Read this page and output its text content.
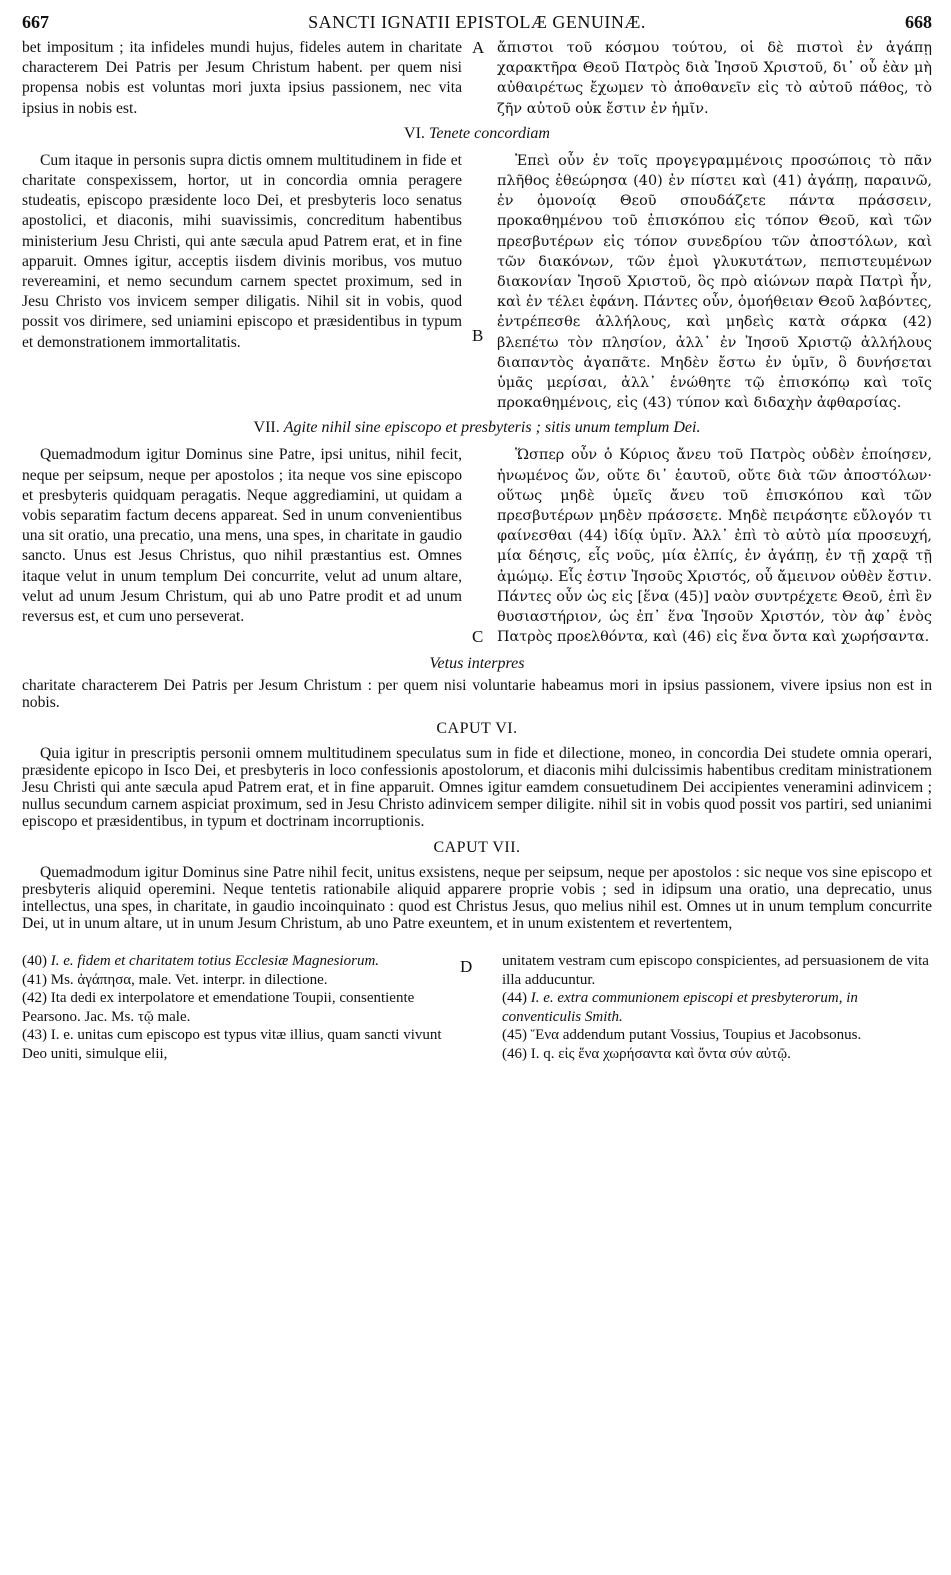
667	SANCTI IGNATII EPISTOLÆ GENUINÆ.	668

bet impositum ; ita infideles mundi hujus, fideles autem in charitate characterem Dei Patris per Jesum Christum habent. per quem nisi propensa nobis est voluntas mori juxta ipsius passionem, nec vita ipsius in nobis est.

A ἄπιστοι τοῦ κόσμου τούτου, οἱ δὲ πιστοὶ ἐν ἀγάπῃ χαρακτῆρα Θεοῦ Πατρὸς διὰ Ἰησοῦ Χριστοῦ, δι᾽ οὗ ἐὰν μὴ αὐθαιρέτως ἔχωμεν τὸ ἀποθανεῖν εἰς τὸ αὐτοῦ πάθος, τὸ ζῆν αὐτοῦ οὐκ ἔστιν ἐν ἡμῖν.

VI. Tenete concordiam

Cum itaque in personis supra dictis omnem multitudinem in fide et charitate conspexissem, hortor, ut in concordia omnia peragere studeatis, episcopo præsidente loco Dei, et presbyteris loco senatus apostolici, et diaconis, mihi suavissimis, concreditum habentibus ministerium Jesu Christi, qui ante sæcula apud Patrem erat, et in fine apparuit. Omnes igitur, acceptis iisdem divinis moribus, vos mutuo revereamini, et nemo secundum carnem spectet proximum, sed in Jesu Christo vos invicem semper diligatis. Nihil sit in vobis, quod possit vos dirimere, sed uniamini episcopo et præsidentibus in typum et demonstrationem immortalitatis.	B

Ἐπεὶ οὖν ἐν τοῖς προγεγραμμένοις προσώποις τὸ πᾶν πλῆθος ἐθεώρησα (40) ἐν πίστει καὶ (41) ἀγάπῃ, παραινῶ, ἐν ὁμονοίᾳ Θεοῦ σπουδάζετε πάντα πράσσειν, προκαθημένου τοῦ ἐπισκόπου εἰς τόπον Θεοῦ, καὶ τῶν πρεσβυτέρων εἰς τόπον συνεδρίου τῶν ἀποστόλων, καὶ τῶν διακόνων, τῶν ἐμοὶ γλυκυτάτων, πεπιστευμένων διακονίαν Ἰησοῦ Χριστοῦ, ὃς πρὸ αἰώνων παρὰ Πατρὶ ἦν, καὶ ἐν τέλει ἐφάνη. Πάντες οὖν, ὁμοήθειαν Θεοῦ λαβόντες, ἐντρέπεσθε ἀλλήλους, καὶ μηδεὶς κατὰ σάρκα (42) βλεπέτω τὸν πλησίον, ἀλλ᾽ ἐν Ἰησοῦ Χριστῷ ἀλλήλους διαπαντὸς ἀγαπᾶτε. Μηδὲν ἔστω ἐν ὑμῖν, ὃ δυνήσεται ὑμᾶς μερίσαι, ἀλλ᾽ ἑνώθητε τῷ ἐπισκόπῳ καὶ τοῖς προκαθημένοις, εἰς (43) τύπον καὶ διδαχὴν ἀφθαρσίας.

VII. Agite nihil sine episcopo et presbyteris ; sitis unum templum Dei.

Quemadmodum igitur Dominus sine Patre, ipsi unitus, nihil fecit, neque per seipsum, neque per apostolos ; ita neque vos sine episcopo et presbyteris quidquam peragatis. Neque aggrediamini, ut quidam a vobis separatim factum decens appareat. Sed in unum convenientibus una sit oratio, una precatio, una mens, una spes, in charitate in gaudio sancto. Unus est Jesus Christus, quo nihil præstantius est. Omnes itaque velut in unum templum Dei concurrite, velut ad unum altare, velut ad unum Jesum Christum, qui ab uno Patre prodit et ad unum reversus est, et cum uno perseverat.

C

Ὥσπερ οὖν ὁ Κύριος ἄνευ τοῦ Πατρὸς οὐδὲν ἐποίησεν, ἡνωμένος ὤν, οὔτε δι᾽ ἑαυτοῦ, οὔτε διὰ τῶν ἀποστόλων· οὕτως μηδὲ ὑμεῖς ἄνευ τοῦ ἐπισκόπου καὶ τῶν πρεσβυτέρων μηδὲν πράσσετε. Μηδὲ πειράσητε εὔλογόν τι φαίνεσθαι (44) ἰδίᾳ ὑμῖν. Ἀλλ᾽ ἐπὶ τὸ αὐτὸ μία προσευχή, μία δέησις, εἷς νοῦς, μία ἐλπίς, ἐν ἀγάπῃ, ἐν τῇ χαρᾷ τῇ ἀμώμῳ. Εἷς ἐστιν Ἰησοῦς Χριστός, οὗ ἄμεινον οὐθὲν ἔστιν. Πάντες οὖν ὡς εἰς [ἕνα (45)] ναὸν συντρέχετε Θεοῦ, ἐπὶ ἓν θυσιαστήριον, ὡς ἐπ᾽ ἕνα Ἰησοῦν Χριστόν, τὸν ἀφ᾽ ἑνὸς Πατρὸς προελθόντα, καὶ (46) εἰς ἕνα ὄντα καὶ χωρήσαντα.

Vetus interpres

charitate characterem Dei Patris per Jesum Christum : per quem nisi voluntarie habeamus mori in ipsius passionem, vivere ipsius non est in nobis.

CAPUT VI.

Quia igitur in prescriptis personii omnem multitudinem speculatus sum in fide et dilectione, moneo, in concordia Dei studete omnia operari, præsidente epicopo in Isco Dei, et presbyteris in loco confessionis apostolorum, et diaconis mihi dulcissimis habentibus creditam ministrationem Jesu Christi qui ante sæcula apud Patrem erat, et in fine apparuit. Omnes igitur eamdem consuetudinem Dei accipientes veneramini adinvicem ; nullus secundum carnem aspiciat proximum, sed in Jesu Christo adinvicem semper diligite. nihil sit in vobis quod possit vos partiri, sed unianimi episcopo et præsidentibus, in typum et doctrinam incorruptionis.

CAPUT VII.

Quemadmodum igitur Dominus sine Patre nihil fecit, unitus exsistens, neque per seipsum, neque per apostolos : sic neque vos sine episcopo et presbyteris aliquid operemini. Neque tentetis rationabile aliquid apparere proprie vobis ; sed in idipsum una oratio, una deprecatio, unus intellectus, una spes, in charitate, in gaudio incoinquinato : quod est Christus Jesus, quo melius nihil est. Omnes ut in unum templum concurrite Dei, ut in unum altare, ut in unum Jesum Christum, ab uno Patre exeuntem, et in unum existentem et revertentem,

(40) I. e. fidem et charitatem totius Ecclesiæ Magnesiorum.

(41) Ms. ἀγάπησα, male. Vet. interpr. in dilectione.

(42) Ita dedi ex interpolatore et emendatione Toupii, consentiente Pearsono. Jac. Ms. τῷ male.

(43) I. e. unitas cum episcopo est typus vitæ illius, quam sancti vivunt Deo uniti, simulque elii,

D unitatem vestram cum episcopo conspicientes, ad persuasionem de vita illa adducuntur.

(44) I. e. extra communionem episcopi et presbyterorum, in conventiculis Smith.

(45) Ἕνα addendum putant Vossius, Toupius et Jacobsonus.

(46) I. q. εἰς ἕνα χωρήσαντα καὶ ὄντα σύν αὐτῷ.
